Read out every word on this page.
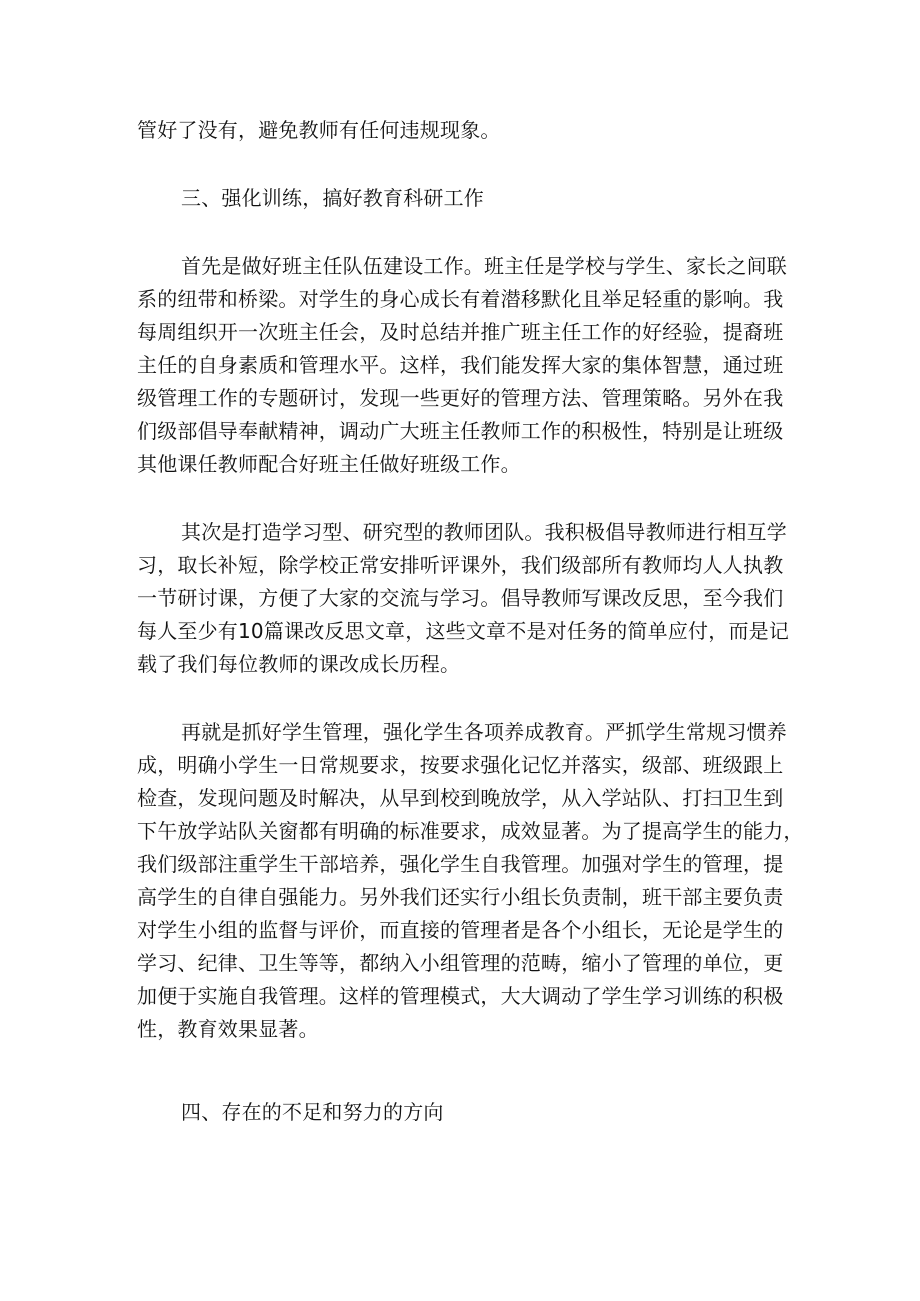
管好了没有，避免教师有任何违规现象。
三、强化训练，搞好教育科研工作
首先是做好班主任队伍建设工作。班主任是学校与学生、家长之间联
系的纽带和桥梁。对学生的身心成长有着潜移默化且举足轻重的影响。我
每周组织开一次班主任会，及时总结并推广班主任工作的好经验，提裔班
主任的自身素质和管理水平。这样，我们能发挥大家的集体智慧，通过班
级管理工作的专题研讨，发现一些更好的管理方法、管理策略。另外在我
们级部倡导奉献精神，调动广大班主任教师工作的积极性，特别是让班级
其他课任教师配合好班主任做好班级工作。
其次是打造学习型、研究型的教师团队。我积极倡导教师进行相互学
习，取长补短，除学校正常安排听评课外，我们级部所有教师均人人执教
一节研讨课，方便了大家的交流与学习。倡导教师写课改反思，至今我们
每人至少有10篇课改反思文章，这些文章不是对任务的简单应付，而是记
载了我们每位教师的课改成长历程。
再就是抓好学生管理，强化学生各项养成教育。严抓学生常规习惯养
成，明确小学生一日常规要求，按要求强化记忆并落实，级部、班级跟上
检查，发现问题及时解决，从早到校到晚放学，从入学站队、打扫卫生到
下午放学站队关窗都有明确的标准要求，成效显著。为了提高学生的能力，
我们级部注重学生干部培养，强化学生自我管理。加强对学生的管理，提
高学生的自律自强能力。另外我们还实行小组长负责制，班干部主要负责
对学生小组的监督与评价，而直接的管理者是各个小组长，无论是学生的
学习、纪律、卫生等等，都纳入小组管理的范畴，缩小了管理的单位，更
加便于实施自我管理。这样的管理模式，大大调动了学生学习训练的积极
性，教育效果显著。
四、存在的不足和努力的方向
